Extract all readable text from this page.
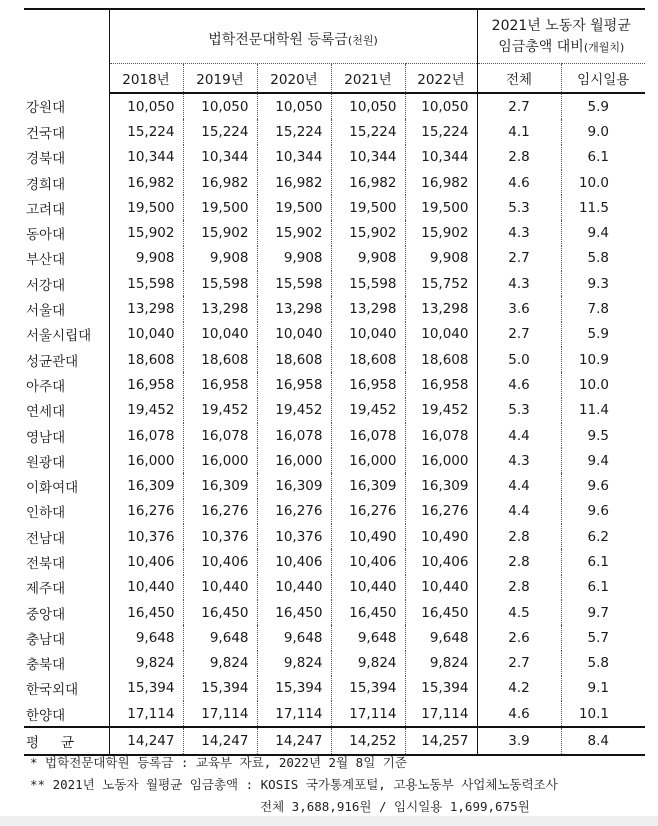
	법학전문대학원 등록금(천원)					2021년 노동자 월평균
임금총액 대비(개월치)	

	2018년	2019년	2020년	2021년	2022년	전체	임시일용
강원대	10,050	10,050	10,050	10,050	10,050	2.7	5.9
건국대	15,224	15,224	15,224	15,224	15,224	4.1	9.0
경북대	10,344	10,344	10,344	10,344	10,344	2.8	6.1
경희대	16,982	16,982	16,982	16,982	16,982	4.6	10.0
고려대	19,500	19,500	19,500	19,500	19,500	5.3	11.5
동아대	15,902	15,902	15,902	15,902	15,902	4.3	9.4
부산대	9,908	9,908	9,908	9,908	9,908	2.7	5.8
서강대	15,598	15,598	15,598	15,598	15,752	4.3	9.3
서울대	13,298	13,298	13,298	13,298	13,298	3.6	7.8
서울시립대	10,040	10,040	10,040	10,040	10,040	2.7	5.9
성균관대	18,608	18,608	18,608	18,608	18,608	5.0	10.9
아주대	16,958	16,958	16,958	16,958	16,958	4.6	10.0
연세대	19,452	19,452	19,452	19,452	19,452	5.3	11.4
영남대	16,078	16,078	16,078	16,078	16,078	4.4	9.5
원광대	16,000	16,000	16,000	16,000	16,000	4.3	9.4
이화여대	16,309	16,309	16,309	16,309	16,309	4.4	9.6
인하대	16,276	16,276	16,276	16,276	16,276	4.4	9.6
전남대	10,376	10,376	10,376	10,490	10,490	2.8	6.2
전북대	10,406	10,406	10,406	10,406	10,406	2.8	6.1
제주대	10,440	10,440	10,440	10,440	10,440	2.8	6.1
중앙대	16,450	16,450	16,450	16,450	16,450	4.5	9.7
충남대	9,648	9,648	9,648	9,648	9,648	2.6	5.7
충북대	9,824	9,824	9,824	9,824	9,824	2.7	5.8
한국외대	15,394	15,394	15,394	15,394	15,394	4.2	9.1
한양대	17,114	17,114	17,114	17,114	17,114	4.6	10.1
평 균	14,247	14,247	14,247	14,252	14,257	3.9	8.4
* 법학전문대학원 등록금 : 교육부 자료, 2022년 2월 8일 기준
** 2021년 노동자 월평균 임금총액 : KOSIS 국가통계포털, 고용노동부 사업체노동력조사
전체 3,688,916원 / 임시일용 1,699,675원
